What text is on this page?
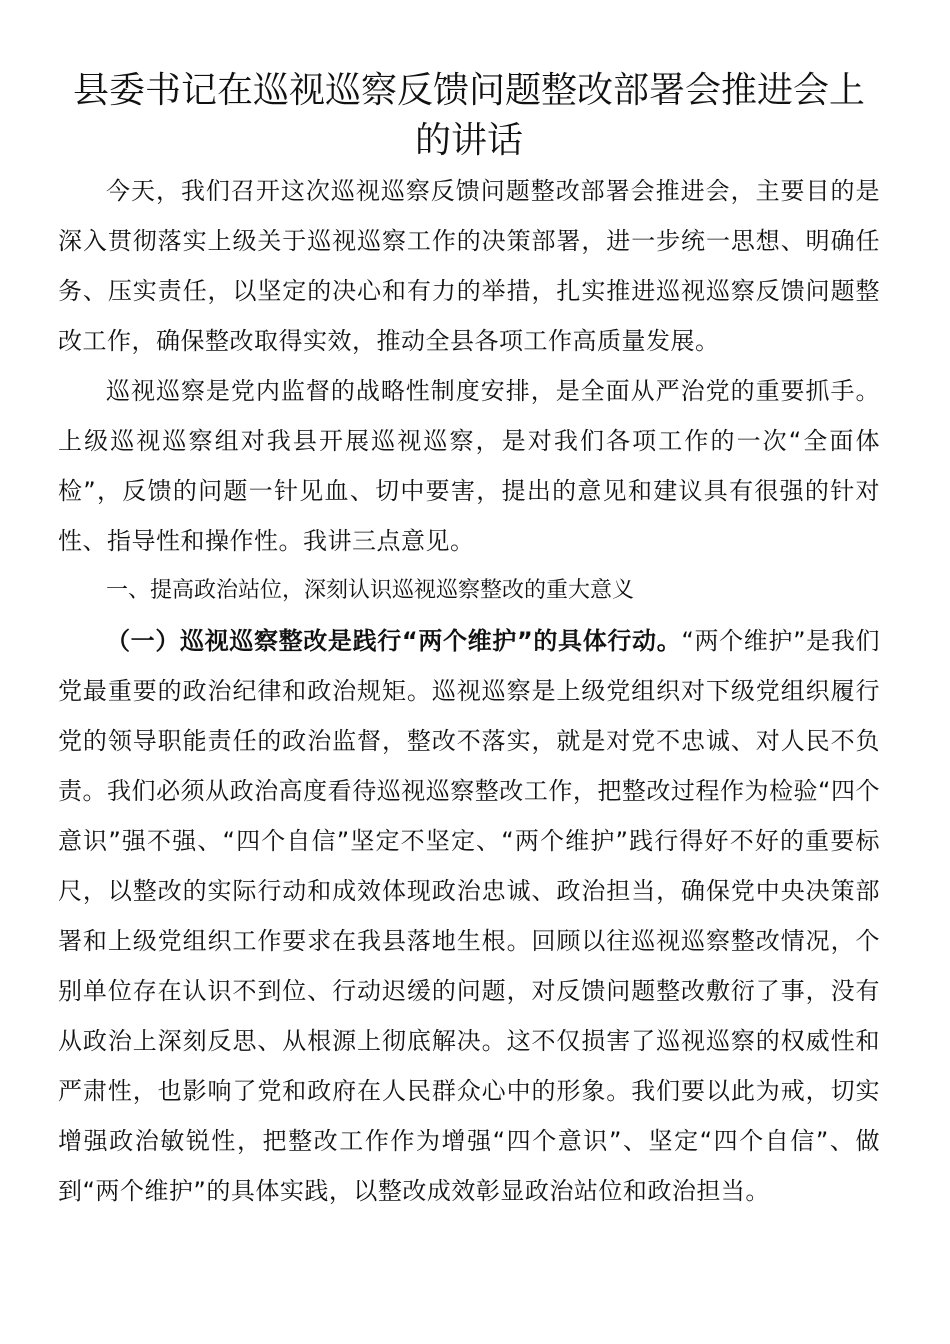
县委书记在巡视巡察反馈问题整改部署会推进会上的讲话

今天，我们召开这次巡视巡察反馈问题整改部署会推进会，主要目的是深入贯彻落实上级关于巡视巡察工作的决策部署，进一步统一思想、明确任务、压实责任，以坚定的决心和有力的举措，扎实推进巡视巡察反馈问题整改工作，确保整改取得实效，推动全县各项工作高质量发展。

巡视巡察是党内监督的战略性制度安排，是全面从严治党的重要抓手。上级巡视巡察组对我县开展巡视巡察，是对我们各项工作的一次“全面体检”，反馈的问题一针见血、切中要害，提出的意见和建议具有很强的针对性、指导性和操作性。我讲三点意见。

一、提高政治站位，深刻认识巡视巡察整改的重大意义

（一）巡视巡察整改是践行“两个维护”的具体行动。“两个维护”是我们党最重要的政治纪律和政治规矩。巡视巡察是上级党组织对下级党组织履行党的领导职能责任的政治监督，整改不落实，就是对党不忠诚、对人民不负责。我们必须从政治高度看待巡视巡察整改工作，把整改过程作为检验“四个意识”强不强、“四个自信”坚定不坚定、“两个维护”践行得好不好的重要标尺，以整改的实际行动和成效体现政治忠诚、政治担当，确保党中央决策部署和上级党组织工作要求在我县落地生根。回顾以往巡视巡察整改情况，个别单位存在认识不到位、行动迟缓的问题，对反馈问题整改敷衍了事，没有从政治上深刻反思、从根源上彻底解决。这不仅损害了巡视巡察的权威性和严肃性，也影响了党和政府在人民群众心中的形象。我们要以此为戒，切实增强政治敏锐性，把整改工作作为增强“四个意识”、坚定“四个自信”、做到“两个维护”的具体实践，以整改成效彰显政治站位和政治担当。
